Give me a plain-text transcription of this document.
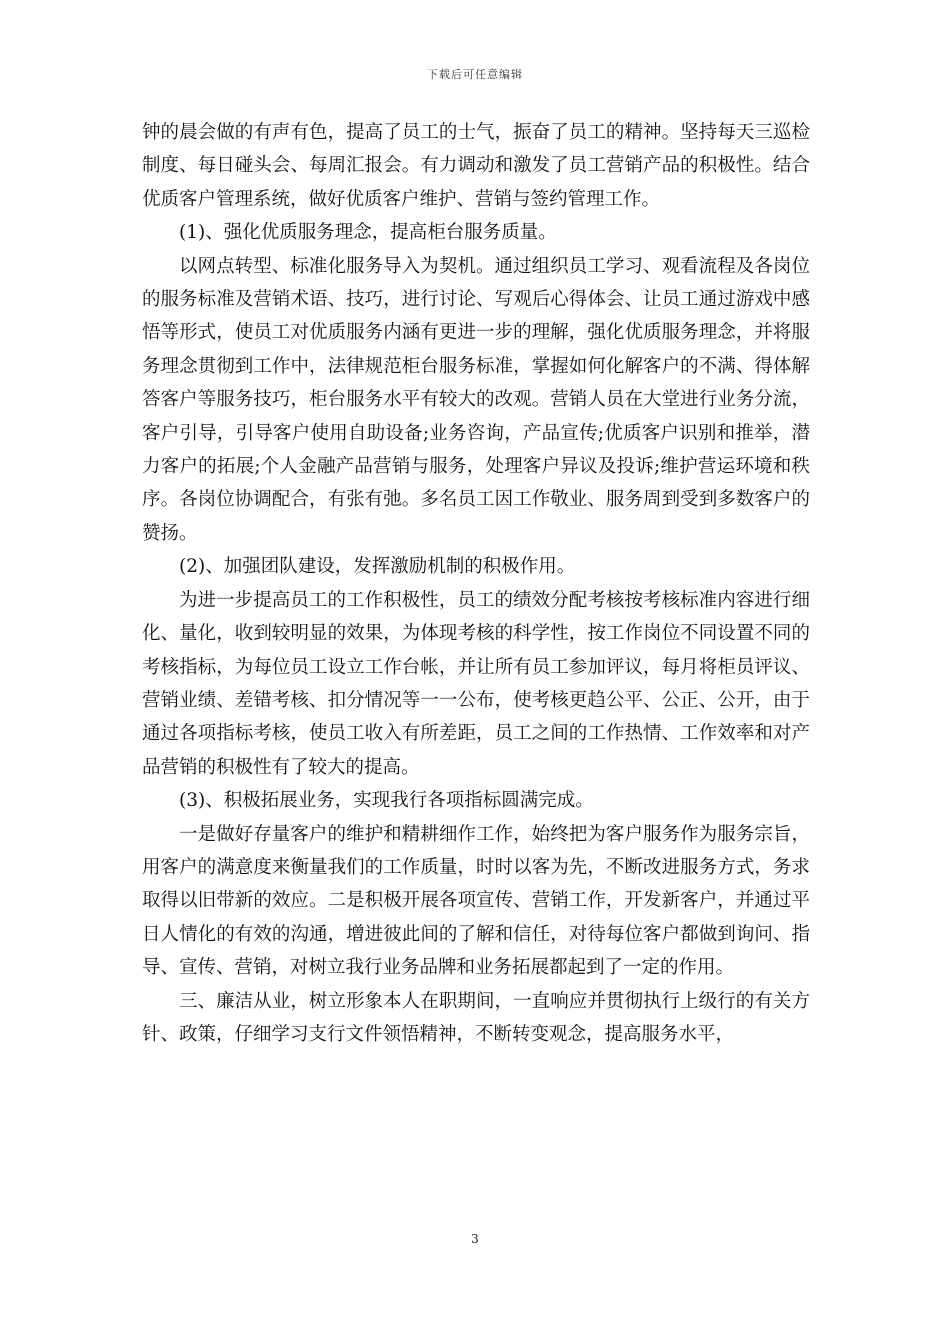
下载后可任意编辑

钟的晨会做的有声有色，提高了员工的士气，振奋了员工的精神。坚持每天三巡检制度、每日碰头会、每周汇报会。有力调动和激发了员工营销产品的积极性。结合优质客户管理系统，做好优质客户维护、营销与签约管理工作。

(1)、强化优质服务理念，提高柜台服务质量。

以网点转型、标准化服务导入为契机。通过组织员工学习、观看流程及各岗位的服务标准及营销术语、技巧，进行讨论、写观后心得体会、让员工通过游戏中感悟等形式，使员工对优质服务内涵有更进一步的理解，强化优质服务理念，并将服务理念贯彻到工作中，法律规范柜台服务标准，掌握如何化解客户的不满、得体解答客户等服务技巧，柜台服务水平有较大的改观。营销人员在大堂进行业务分流，客户引导，引导客户使用自助设备;业务咨询，产品宣传;优质客户识别和推举，潜力客户的拓展;个人金融产品营销与服务，处理客户异议及投诉;维护营运环境和秩序。各岗位协调配合，有张有弛。多名员工因工作敬业、服务周到受到多数客户的赞扬。

(2)、加强团队建设，发挥激励机制的积极作用。

为进一步提高员工的工作积极性，员工的绩效分配考核按考核标准内容进行细化、量化，收到较明显的效果，为体现考核的科学性，按工作岗位不同设置不同的考核指标，为每位员工设立工作台帐，并让所有员工参加评议，每月将柜员评议、营销业绩、差错考核、扣分情况等一一公布，使考核更趋公平、公正、公开，由于通过各项指标考核，使员工收入有所差距，员工之间的工作热情、工作效率和对产品营销的积极性有了较大的提高。

(3)、积极拓展业务，实现我行各项指标圆满完成。

一是做好存量客户的维护和精耕细作工作，始终把为客户服务作为服务宗旨，用客户的满意度来衡量我们的工作质量，时时以客为先，不断改进服务方式，务求取得以旧带新的效应。二是积极开展各项宣传、营销工作，开发新客户，并通过平日人情化的有效的沟通，增进彼此间的了解和信任，对待每位客户都做到询问、指导、宣传、营销，对树立我行业务品牌和业务拓展都起到了一定的作用。

三、廉洁从业，树立形象本人在职期间，一直响应并贯彻执行上级行的有关方针、政策，仔细学习支行文件领悟精神，不断转变观念，提高服务水平，

3
